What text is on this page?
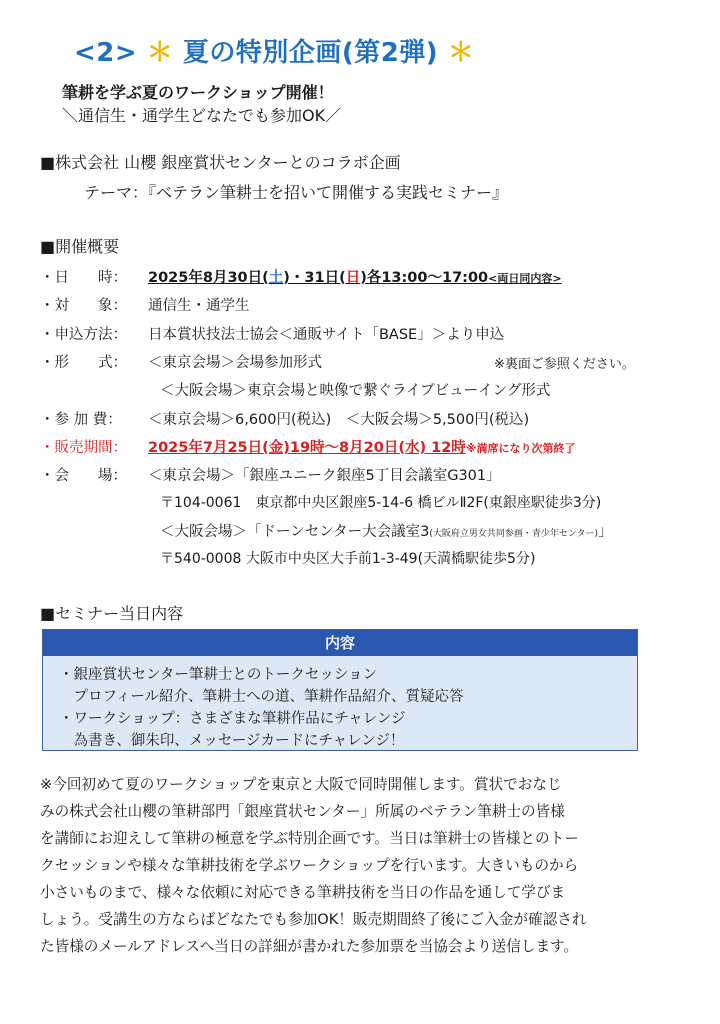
<2> ＊ 夏の特別企画(第2弾) ＊
筆耕を学ぶ夏のワークショップ開催！
＼通信生・通学生どなたでも参加OK／
■株式会社 山櫻 銀座賞状センターとのコラボ企画
テーマ：『ベテラン筆耕士を招いて開催する実践セミナー』
■開催概要
・日　　時： 2025年8月30日(土)・31日(日)各13:00〜17:00<両日同内容>
・対　　象： 通信生・通学生
・申込方法： 日本賞状技法士協会＜通販サイト「BASE」＞より申込
・形　　式： ＜東京会場＞会場参加形式	※裏面ご参照ください。
＜大阪会場＞東京会場と映像で繋ぐライブビューイング形式
・参 加 費： ＜東京会場＞6,600円(税込)　＜大阪会場＞5,500円(税込)
・販売期間： 2025年7月25日(金)19時〜8月20日(水) 12時※満席になり次第終了
・会　　場： ＜東京会場＞「銀座ユニーク銀座5丁目会議室G301」
〒104-0061　東京都中央区銀座5-14-6 橋ビルⅡ2F(東銀座駅徒歩3分)
＜大阪会場＞「ドーンセンター大会議室3(大阪府立男女共同参画・青少年センター)」
〒540-0008 大阪市中央区大手前1-3-49(天満橋駅徒歩5分)
■セミナー当日内容
内容
・銀座賞状センター筆耕士とのトークセッション
　プロフィール紹介、筆耕士への道、筆耕作品紹介、質疑応答
・ワークショップ：さまざまな筆耕作品にチャレンジ
　為書き、御朱印、メッセージカードにチャレンジ！

※今回初めて夏のワークショップを東京と大阪で同時開催します。賞状でおなじ

みの株式会社山櫻の筆耕部門「銀座賞状センター」所属のベテラン筆耕士の皆様

を講師にお迎えして筆耕の極意を学ぶ特別企画です。当日は筆耕士の皆様とのトー

クセッションや様々な筆耕技術を学ぶワークショップを行います。大きいものから

小さいものまで、様々な依頼に対応できる筆耕技術を当日の作品を通して学びま

しょう。受講生の方ならばどなたでも参加OK！販売期間終了後にご入金が確認され

た皆様のメールアドレスへ当日の詳細が書かれた参加票を当協会より送信します。
